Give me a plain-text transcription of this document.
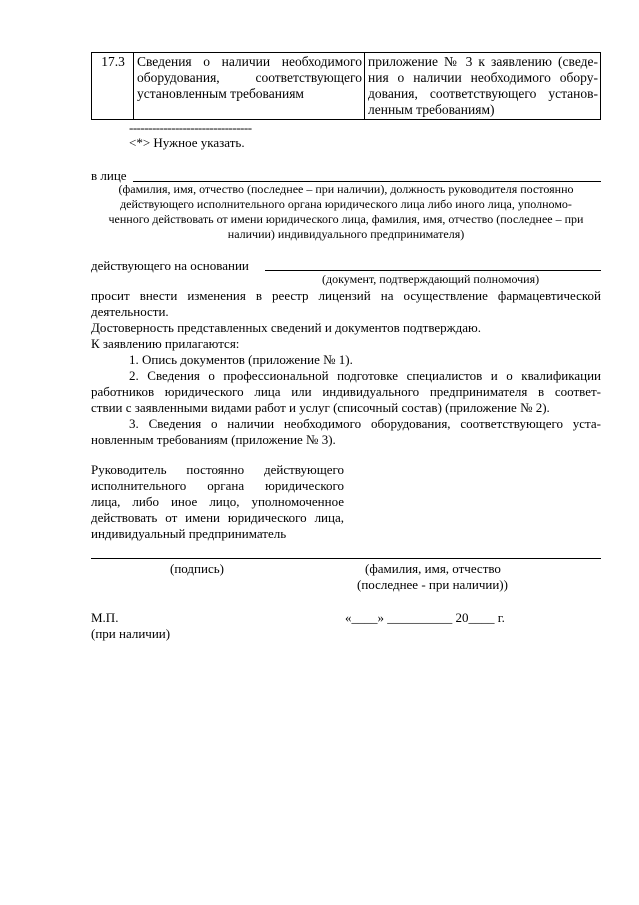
17.3	Сведения о наличии необходимого
оборудования, соответствующего
установленным требованиям

приложение № 3 к заявлению (сведе-
ния о наличии необходимого обору-
дования, соответствующего установ-
ленным требованиям)
--------------------------------
<*> Нужное указать.
в лице
(фамилия, имя, отчество (последнее – при наличии), должность руководителя постоянно
действующего исполнительного органа юридического лица либо иного лица, уполномо-
ченного действовать от имени юридического лица, фамилия, имя, отчество (последнее – при
наличии) индивидуального предпринимателя)
действующего на основании
(документ, подтверждающий полномочия)
просит внести изменения в реестр лицензий на осуществление фармацевтической
деятельности.
Достоверность представленных сведений и документов подтверждаю.
К заявлению прилагаются:
1. Опись документов (приложение № 1).
2. Сведения о профессиональной подготовке специалистов и о квалификации
работников юридического лица или индивидуального предпринимателя в соответ-
ствии с заявленными видами работ и услуг (списочный состав) (приложение № 2).
3. Сведения о наличии необходимого оборудования, соответствующего уста-
новленным требованиям (приложение № 3).
Руководитель постоянно действующего
исполнительного органа юридического
лица, либо иное лицо, уполномоченное
действовать от имени юридического лица,
индивидуальный предприниматель
(подпись)	(фамилия, имя, отчество
(последнее - при наличии))
М.П.
(при наличии)
«____» __________ 20____ г.
